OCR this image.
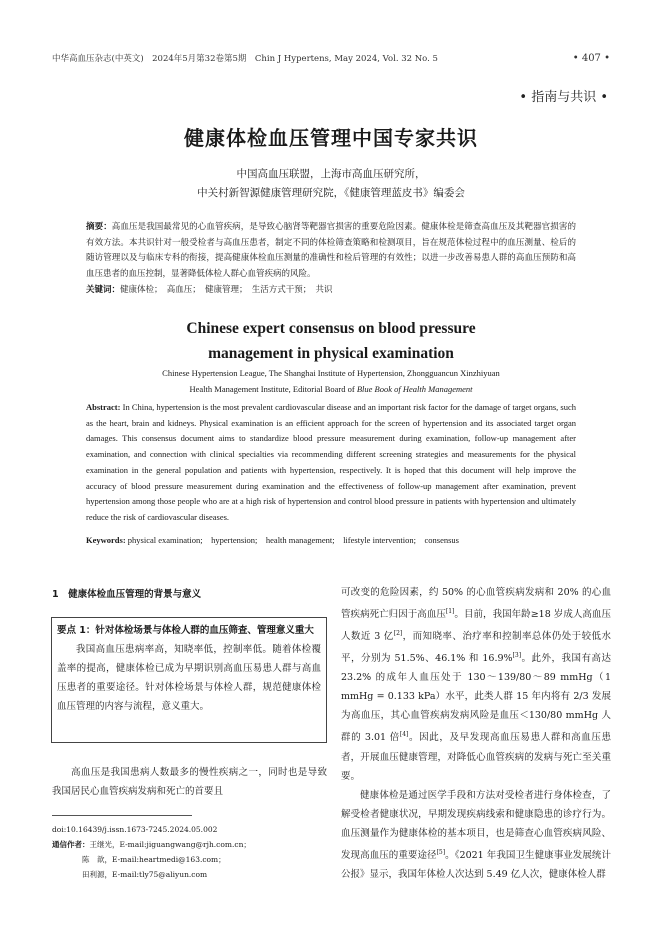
中华高血压杂志(中英文)　2024年5月第32卷第5期　Chin J Hypertens, May 2024, Vol. 32 No. 5	• 407 •
• 指南与共识 •
健康体检血压管理中国专家共识
中国高血压联盟，上海市高血压研究所，
中关村新智源健康管理研究院，《健康管理蓝皮书》编委会
摘要：高血压是我国最常见的心血管疾病，是导致心脑肾等靶器官损害的重要危险因素。健康体检是筛查高血压及其靶器官损害的有效方法。本共识针对一般受检者与高血压患者，制定不同的体检筛查策略和检测项目，旨在规范体检过程中的血压测量、检后的随访管理以及与临床专科的衔接，提高健康体检血压测量的准确性和检后管理的有效性；以进一步改善易患人群的高血压预防和高血压患者的血压控制，显著降低体检人群心血管疾病的风险。
关键词：健康体检；　高血压；　健康管理；　生活方式干预；　共识
Chinese expert consensus on blood pressure
management in physical examination
Chinese Hypertension League, The Shanghai Institute of Hypertension, Zhongguancun Xinzhiyuan
Health Management Institute, Editorial Board of Blue Book of Health Management
Abstract: In China, hypertension is the most prevalent cardiovascular disease and an important risk factor for the damage of target organs, such as the heart, brain and kidneys. Physical examination is an efficient approach for the screen of hypertension and its associated target organ damages. This consensus document aims to standardize blood pressure measurement during examination, follow-up management after examination, and connection with clinical specialties via recommending different screening strategies and measurements for the physical examination in the general population and patients with hypertension, respectively. It is hoped that this document will help improve the accuracy of blood pressure measurement during examination and the effectiveness of follow-up management after examination, prevent hypertension among those people who are at a high risk of hypertension and control blood pressure in patients with hypertension and ultimately reduce the risk of cardiovascular diseases.
Keywords: physical examination;　hypertension;　health management;　lifestyle intervention;　consensus
1　健康体检血压管理的背景与意义
要点 1：针对体检场景与体检人群的血压筛查、管理意义重大
我国高血压患病率高，知晓率低，控制率低。随着体检覆盖率的提高，健康体检已成为早期识别高血压易患人群与高血压患者的重要途径。针对体检场景与体检人群，规范健康体检血压管理的内容与流程，意义重大。
高血压是我国患病人数最多的慢性疾病之一，同时也是导致我国居民心血管疾病发病和死亡的首要且
doi:10.16439/j.issn.1673-7245.2024.05.002
通信作者：王继光，E-mail:jiguangwang@rjh.com.cn；
陈　歆，E-mail:heartmedi@163.com；
田利源，E-mail:tly75@aliyun.com

可改变的危险因素，约 50% 的心血管疾病发病和 20% 的心血管疾病死亡归因于高血压[1]。目前，我国年龄≥18 岁成人高血压人数近 3 亿[2]，而知晓率、治疗率和控制率总体仍处于较低水平，分别为 51.5%、46.1% 和 16.9%[3]。此外，我国有高达 23.2% 的成年人血压处于 130～139/80～89 mmHg（1 mmHg = 0.133 kPa）水平，此类人群 15 年内将有 2/3 发展为高血压，其心血管疾病发病风险是血压＜130/80 mmHg 人群的 3.01 倍[4]。因此，及早发现高血压易患人群和高血压患者，开展血压健康管理，对降低心血管疾病的发病与死亡至关重要。

健康体检是通过医学手段和方法对受检者进行身体检查，了解受检者健康状况，早期发现疾病线索和健康隐患的诊疗行为。血压测量作为健康体检的基本项目，也是筛查心血管疾病风险、发现高血压的重要途径[5]。《2021 年我国卫生健康事业发展统计公报》显示，我国年体检人次达到 5.49 亿人次，健康体检人群
